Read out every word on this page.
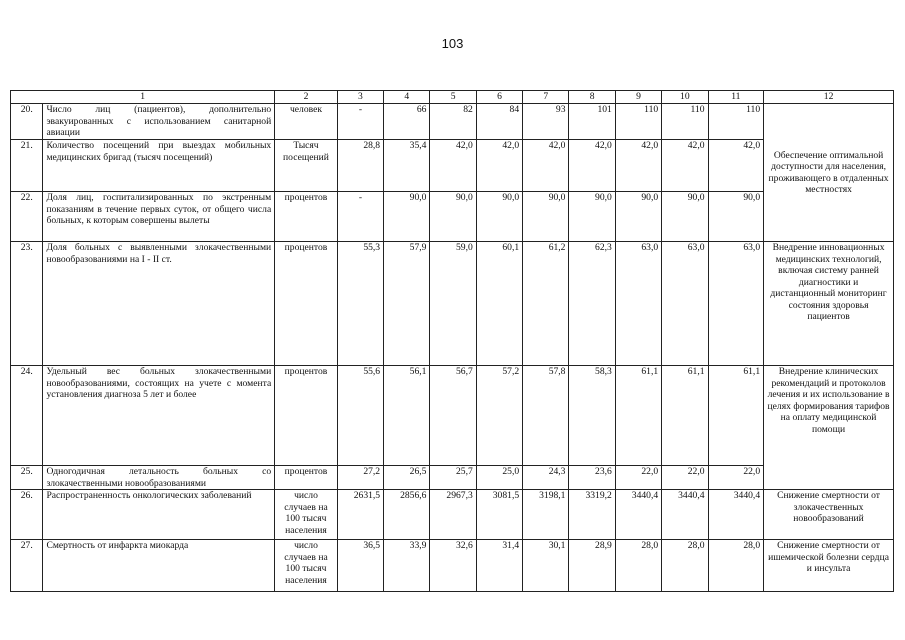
103
1		2	3	4	5	6	7	8	9	10	11	12
20.	Число лиц (пациентов), дополнительно эвакуированных с использованием санитарной авиации	человек	-	66	82	84	93	101	110	110	110	Обеспечение оптимальной доступности для населения, проживающего в отдаленных местностях
21.	Количество посещений при выездах мобильных медицинских бригад (тысяч посещений)	Тысяч посещений	28,8	35,4	42,0	42,0	42,0	42,0	42,0	42,0	42,0	
22.	Доля лиц, госпитализированных по экстренным показаниям в течение первых суток, от общего числа больных, к которым совершены вылеты	процентов	-	90,0	90,0	90,0	90,0	90,0	90,0	90,0	90,0	
23.	Доля больных с выявленными злокачественными новообразованиями на I - II ст.	процентов	55,3	57,9	59,0	60,1	61,2	62,3	63,0	63,0	63,0	Внедрение инновационных медицинских технологий, включая систему ранней диагностики и дистанционный мониторинг состояния здоровья пациентов
24.	Удельный вес больных злокачественными новообразованиями, состоящих на учете с момента установления диагноза 5 лет и более	процентов	55,6	56,1	56,7	57,2	57,8	58,3	61,1	61,1	61,1	Внедрение клинических рекомендаций и протоколов лечения и их использование в целях формирования тарифов на оплату медицинской помощи
25.	Одногодичная летальность больных со злокачественными новообразованиями	процентов	27,2	26,5	25,7	25,0	24,3	23,6	22,0	22,0	22,0	
26.	Распространенность онкологических заболеваний	число случаев на 100 тысяч населения	2631,5	2856,6	2967,3	3081,5	3198,1	3319,2	3440,4	3440,4	3440,4	Снижение смертности от злокачественных новообразований
27.	Смертность от инфаркта миокарда	число случаев на 100 тысяч населения	36,5	33,9	32,6	31,4	30,1	28,9	28,0	28,0	28,0	Снижение смертности от ишемической болезни сердца и инсульта
